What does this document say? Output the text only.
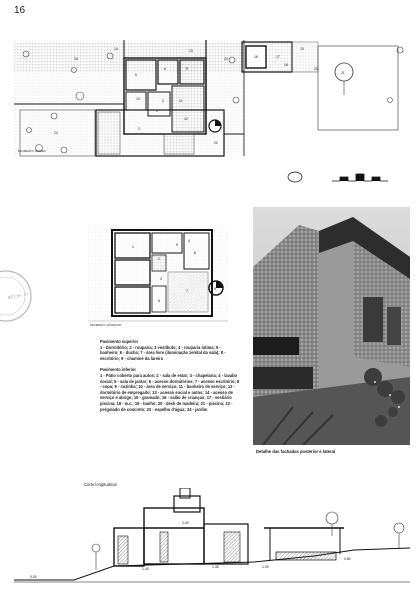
16
1
2
3
5
6	9
10	11
12
13
14
15	16	17
18
19
20
21
22
23
24
PAVIMENTO TERREO
SET.19 - 27
1
2
3
4
5
6
7
8
9
PAVIMENTO SUPERIOR
Detalhe das fachadas posterior e lateral
Pavimento superior
1 - Dormitório; 2 - rouparia; 3 vestíbulo; 4 - rouparia íntima; 5 - banheiro; 6 - ducha; 7 - área livre (iluminação zenital da sala); 8 - escritório; 9 - chaminé da lareira
Pavimento inferior
1 - Pátio coberto para autos; 2 - sala de estar; 3 - chapelaria; 4 - lavabo social; 5 - sala de jantar; 6 - acesso dormitórios; 7 - acesso escritório; 8 - copa; 9 - cozinha; 10 - área de serviço; 11 - banheiro de serviço; 12 - dormitório de empregado; 13 - acesso social e autos; 14 - acesso de serviço e abrigo; 15 - gramado; 16 - salão de crianças; 17 - vestiário piscina; 18 - w.c.; 19 - banho; 20 - deck de madeira; 21 - piscina; 22 - pergolado de concreto; 23 - espelho d'água; 24 - jardim
Corte longitudinal
2.00
1.40	1.40	1.00
0.80
0.00
